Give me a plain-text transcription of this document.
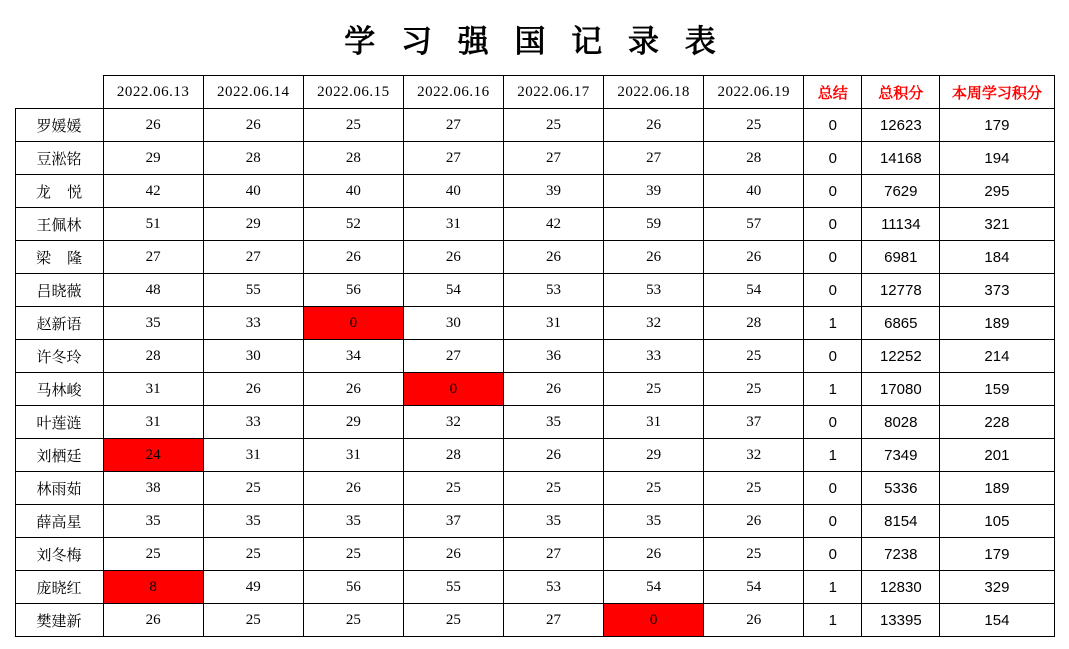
学 习 强 国 记 录 表
	2022.06.13	2022.06.14	2022.06.15	2022.06.16	2022.06.17	2022.06.18	2022.06.19	总结	总积分	本周学习积分
罗媛媛	26	26	25	27	25	26	25	0	12623	179
豆淞铭	29	28	28	27	27	27	28	0	14168	194
龙 悦	42	40	40	40	39	39	40	0	7629	295
王佩林	51	29	52	31	42	59	57	0	11134	321
梁 隆	27	27	26	26	26	26	26	0	6981	184
吕晓薇	48	55	56	54	53	53	54	0	12778	373
赵新语	35	33	0	30	31	32	28	1	6865	189
许冬玲	28	30	34	27	36	33	25	0	12252	214
马林峻	31	26	26	0	26	25	25	1	17080	159
叶莲涟	31	33	29	32	35	31	37	0	8028	228
刘栖廷	24	31	31	28	26	29	32	1	7349	201
林雨茹	38	25	26	25	25	25	25	0	5336	189
薛高星	35	35	35	37	35	35	26	0	8154	105
刘冬梅	25	25	25	26	27	26	25	0	7238	179
庞晓红	8	49	56	55	53	54	54	1	12830	329
樊建新	26	25	25	25	27	0	26	1	13395	154
